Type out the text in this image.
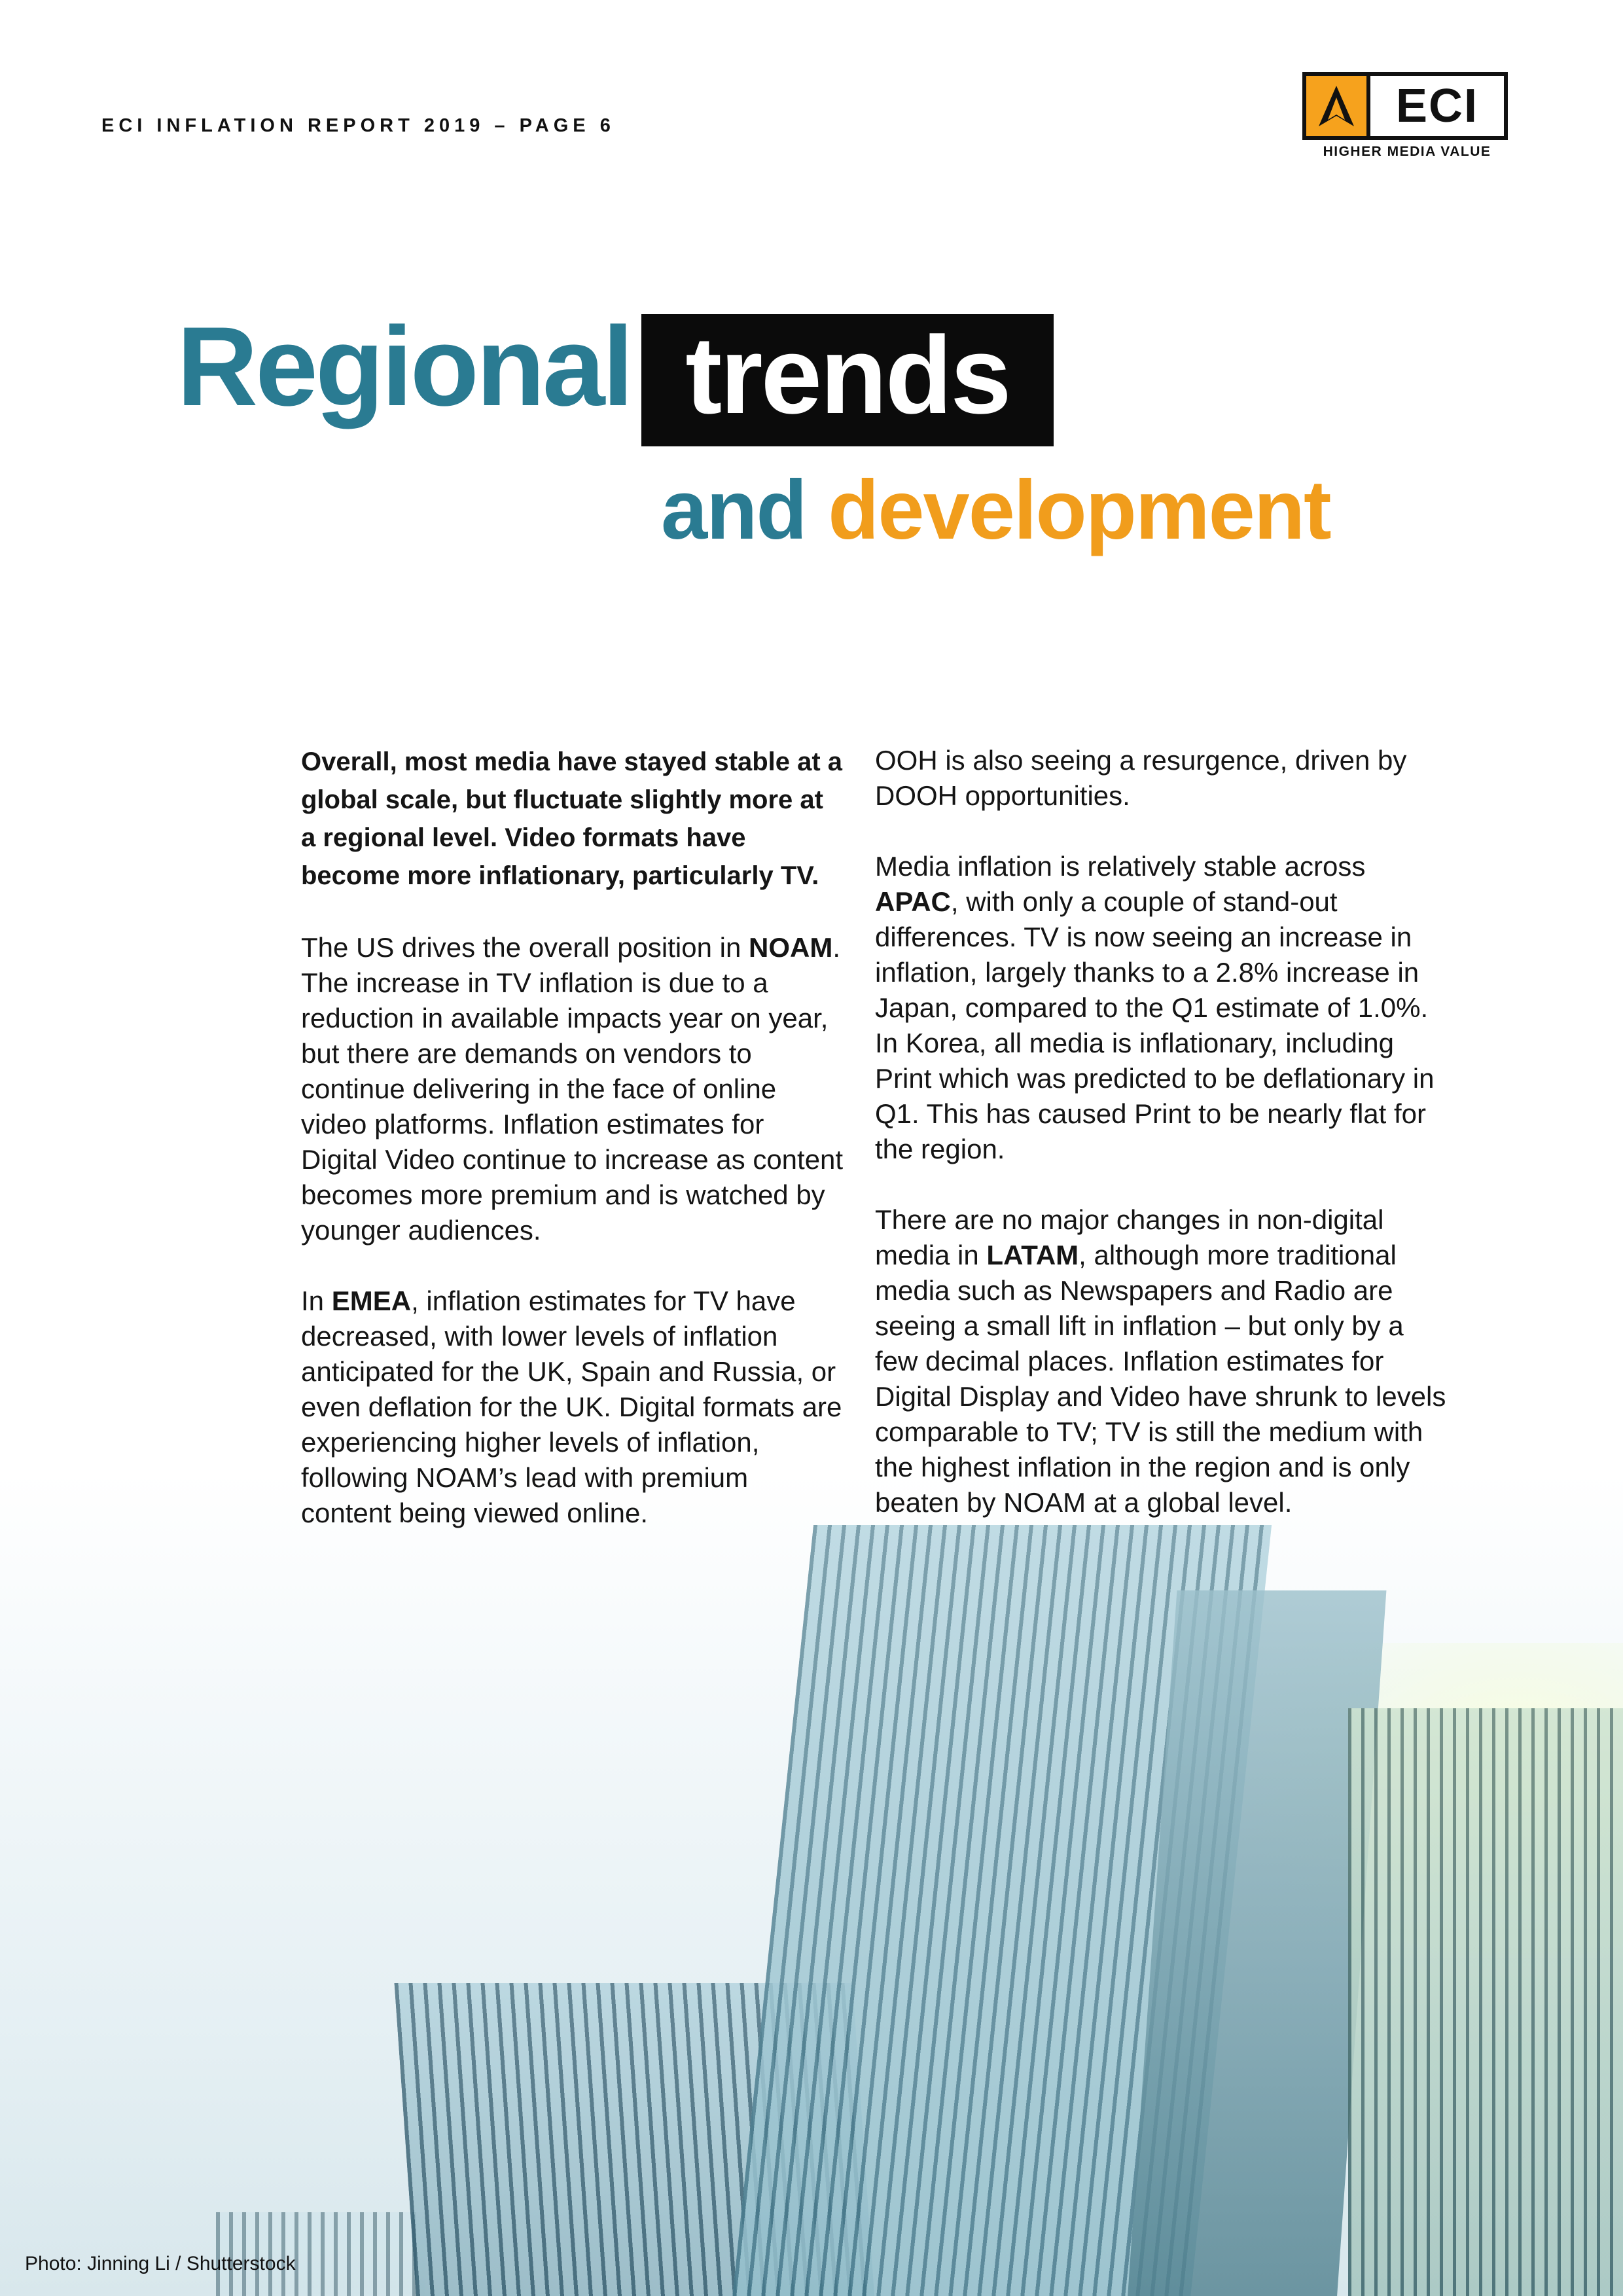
ECI INFLATION REPORT 2019 – PAGE 6	ECI
HIGHER MEDIA VALUE
Regional trends
and development

Overall, most media have stayed stable at a global scale, but fluctuate slightly more at a regional level. Video formats have become more inflationary, particularly TV.

The US drives the overall position in NOAM. The increase in TV inflation is due to a reduction in available impacts year on year, but there are demands on vendors to continue delivering in the face of online video platforms. Inflation estimates for Digital Video continue to increase as content becomes more premium and is watched by younger audiences.

In EMEA, inflation estimates for TV have decreased, with lower levels of inflation anticipated for the UK, Spain and Russia, or even deflation for the UK. Digital formats are experiencing higher levels of inflation, following NOAM’s lead with premium content being viewed online.

OOH is also seeing a resurgence, driven by DOOH opportunities.

Media inflation is relatively stable across APAC, with only a couple of stand-out differences. TV is now seeing an increase in inflation, largely thanks to a 2.8% increase in Japan, compared to the Q1 estimate of 1.0%. In Korea, all media is inflationary, including Print which was predicted to be deflationary in Q1. This has caused Print to be nearly flat for the region.

There are no major changes in non-digital media in LATAM, although more traditional media such as Newspapers and Radio are seeing a small lift in inflation – but only by a few decimal places. Inflation estimates for Digital Display and Video have shrunk to levels comparable to TV; TV is still the medium with the highest inflation in the region and is only beaten by NOAM at a global level.

Photo: Jinning Li / Shutterstock
